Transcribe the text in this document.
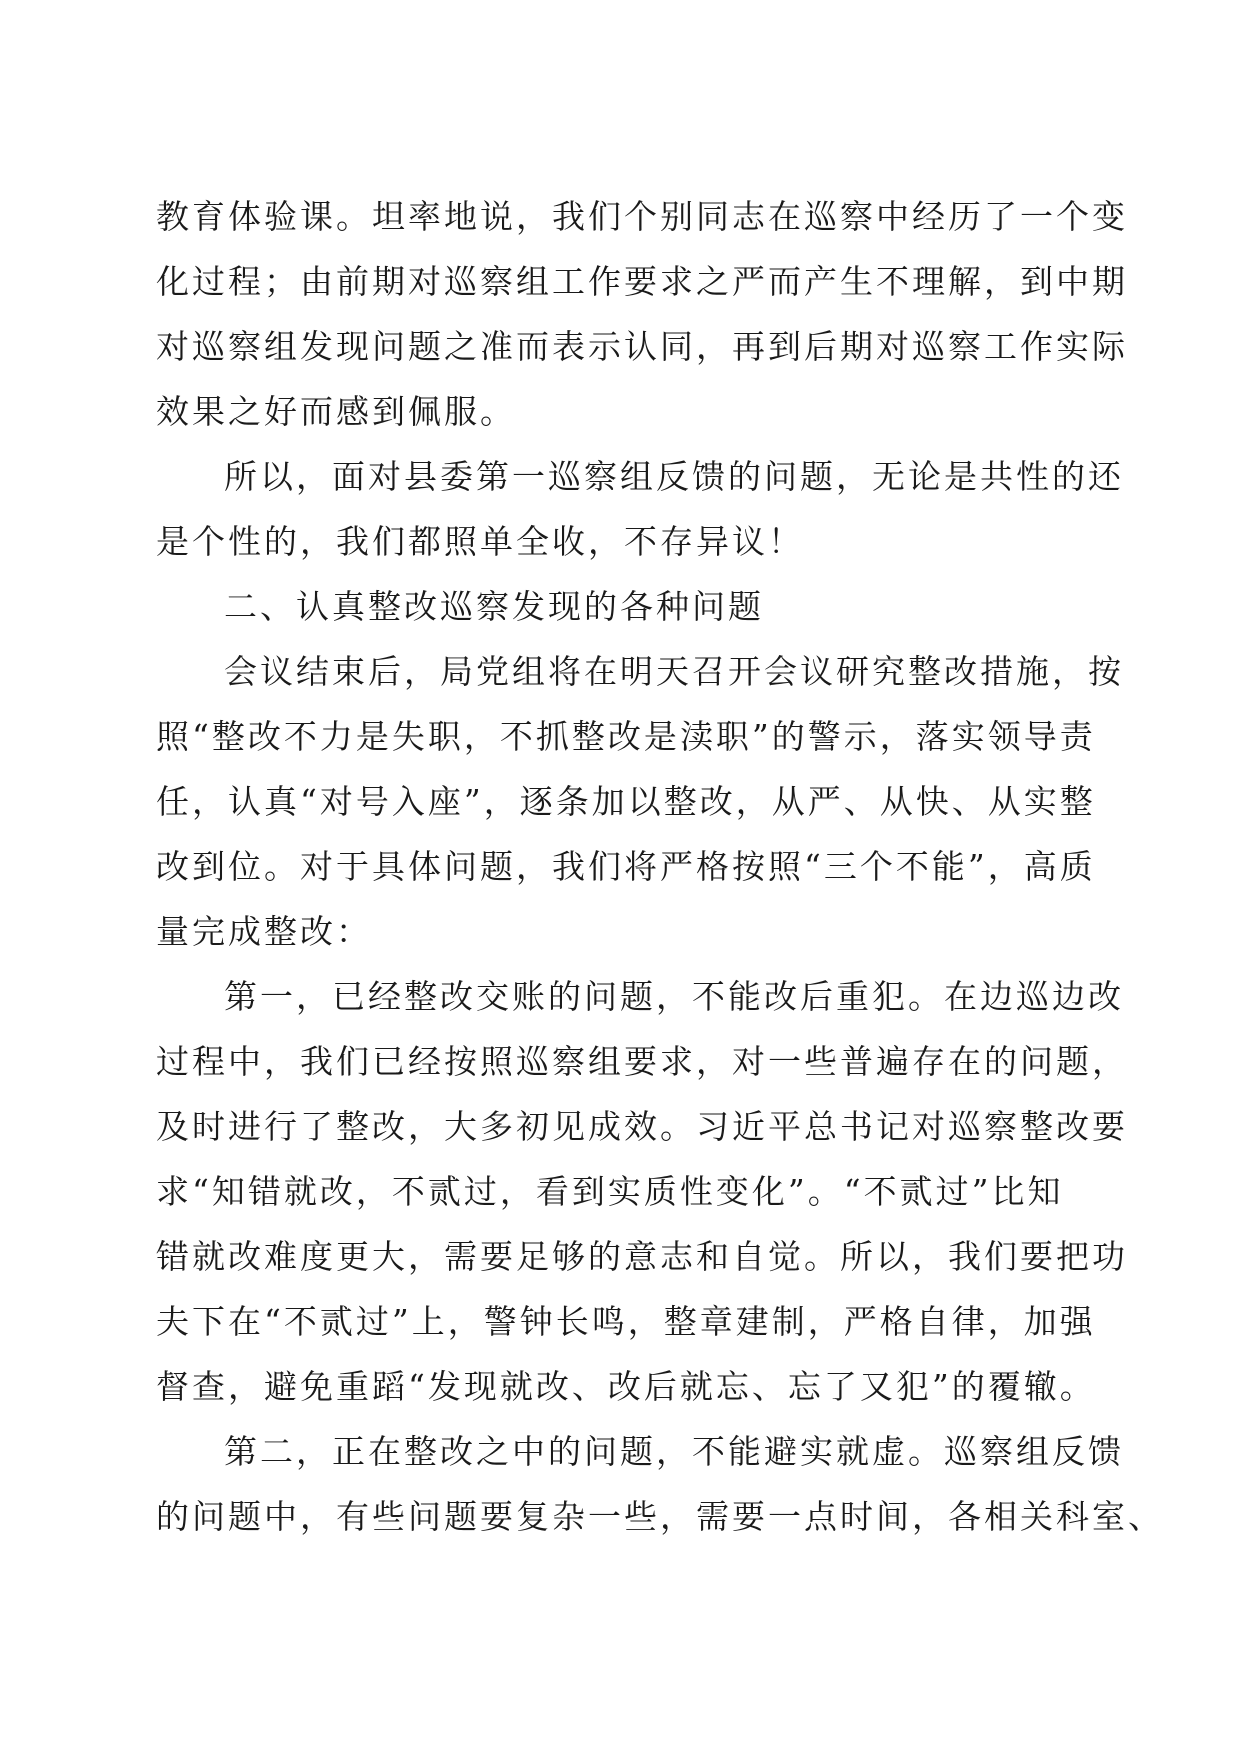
教育体验课。坦率地说，我们个别同志在巡察中经历了一个变
化过程；由前期对巡察组工作要求之严而产生不理解，到中期
对巡察组发现问题之准而表示认同，再到后期对巡察工作实际
效果之好而感到佩服。
所以，面对县委第一巡察组反馈的问题，无论是共性的还
是个性的，我们都照单全收，不存异议！
二、认真整改巡察发现的各种问题
会议结束后，局党组将在明天召开会议研究整改措施，按
照“整改不力是失职，不抓整改是渎职”的警示，落实领导责
任，认真“对号入座”，逐条加以整改，从严、从快、从实整
改到位。对于具体问题，我们将严格按照“三个不能”，高质
量完成整改：
第一，已经整改交账的问题，不能改后重犯。在边巡边改
过程中，我们已经按照巡察组要求，对一些普遍存在的问题，
及时进行了整改，大多初见成效。习近平总书记对巡察整改要
求“知错就改，不贰过，看到实质性变化”。“不贰过”比知
错就改难度更大，需要足够的意志和自觉。所以，我们要把功
夫下在“不贰过”上，警钟长鸣，整章建制，严格自律，加强
督查，避免重蹈“发现就改、改后就忘、忘了又犯”的覆辙。
第二，正在整改之中的问题，不能避实就虚。巡察组反馈
的问题中，有些问题要复杂一些，需要一点时间，各相关科室、
